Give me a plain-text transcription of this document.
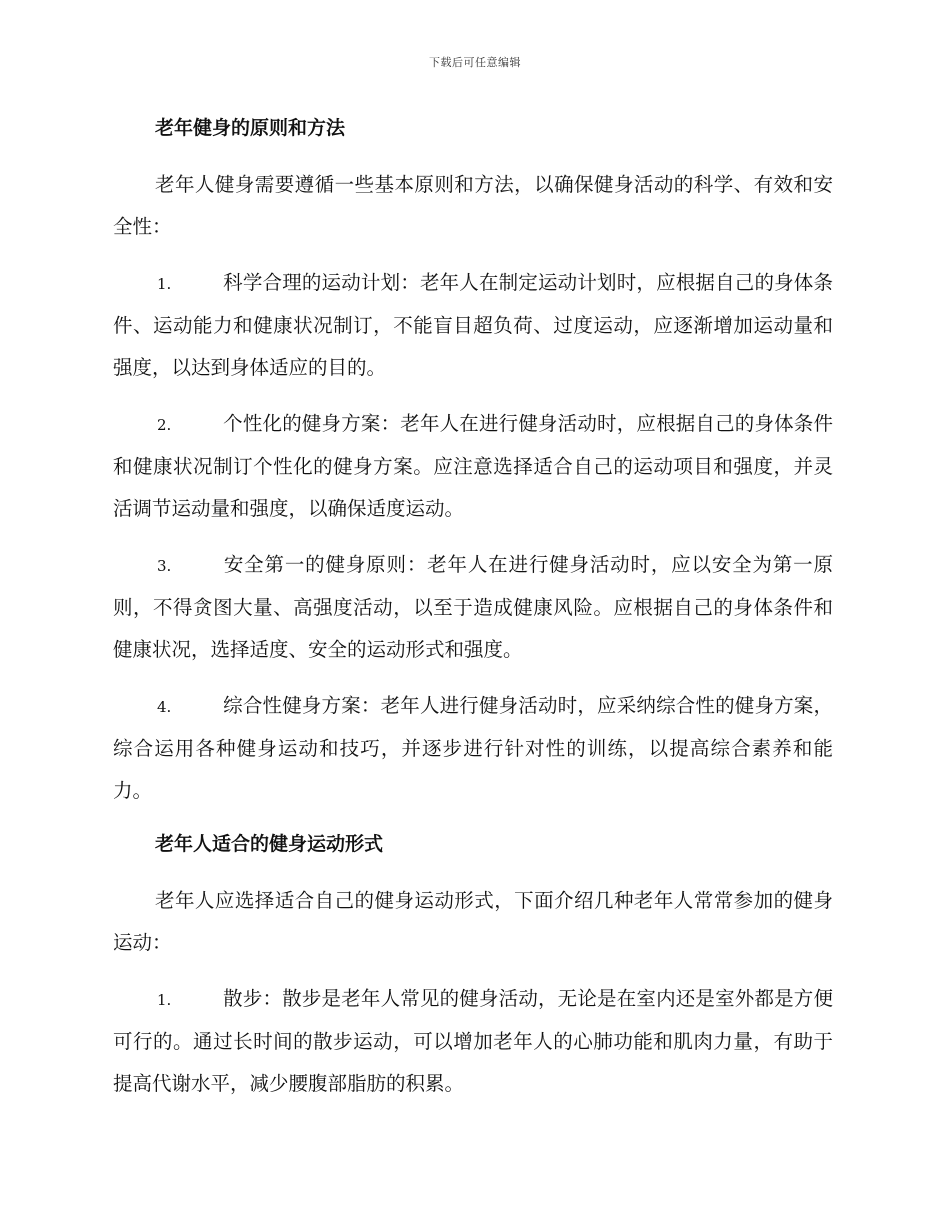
下载后可任意编辑
老年健身的原则和方法

老年人健身需要遵循一些基本原则和方法，以确保健身活动的科学、有效和安全性：

1.	科学合理的运动计划：老年人在制定运动计划时，应根据自己的身体条件、运动能力和健康状况制订，不能盲目超负荷、过度运动，应逐渐增加运动量和强度，以达到身体适应的目的。

2.	个性化的健身方案：老年人在进行健身活动时，应根据自己的身体条件和健康状况制订个性化的健身方案。应注意选择适合自己的运动项目和强度，并灵活调节运动量和强度，以确保适度运动。

3.	安全第一的健身原则：老年人在进行健身活动时，应以安全为第一原则，不得贪图大量、高强度活动，以至于造成健康风险。应根据自己的身体条件和健康状况，选择适度、安全的运动形式和强度。

4.	综合性健身方案：老年人进行健身活动时，应采纳综合性的健身方案，综合运用各种健身运动和技巧，并逐步进行针对性的训练，以提高综合素养和能力。

老年人适合的健身运动形式

老年人应选择适合自己的健身运动形式，下面介绍几种老年人常常参加的健身运动：

1.	散步：散步是老年人常见的健身活动，无论是在室内还是室外都是方便可行的。通过长时间的散步运动，可以增加老年人的心肺功能和肌肉力量，有助于提高代谢水平，减少腰腹部脂肪的积累。
